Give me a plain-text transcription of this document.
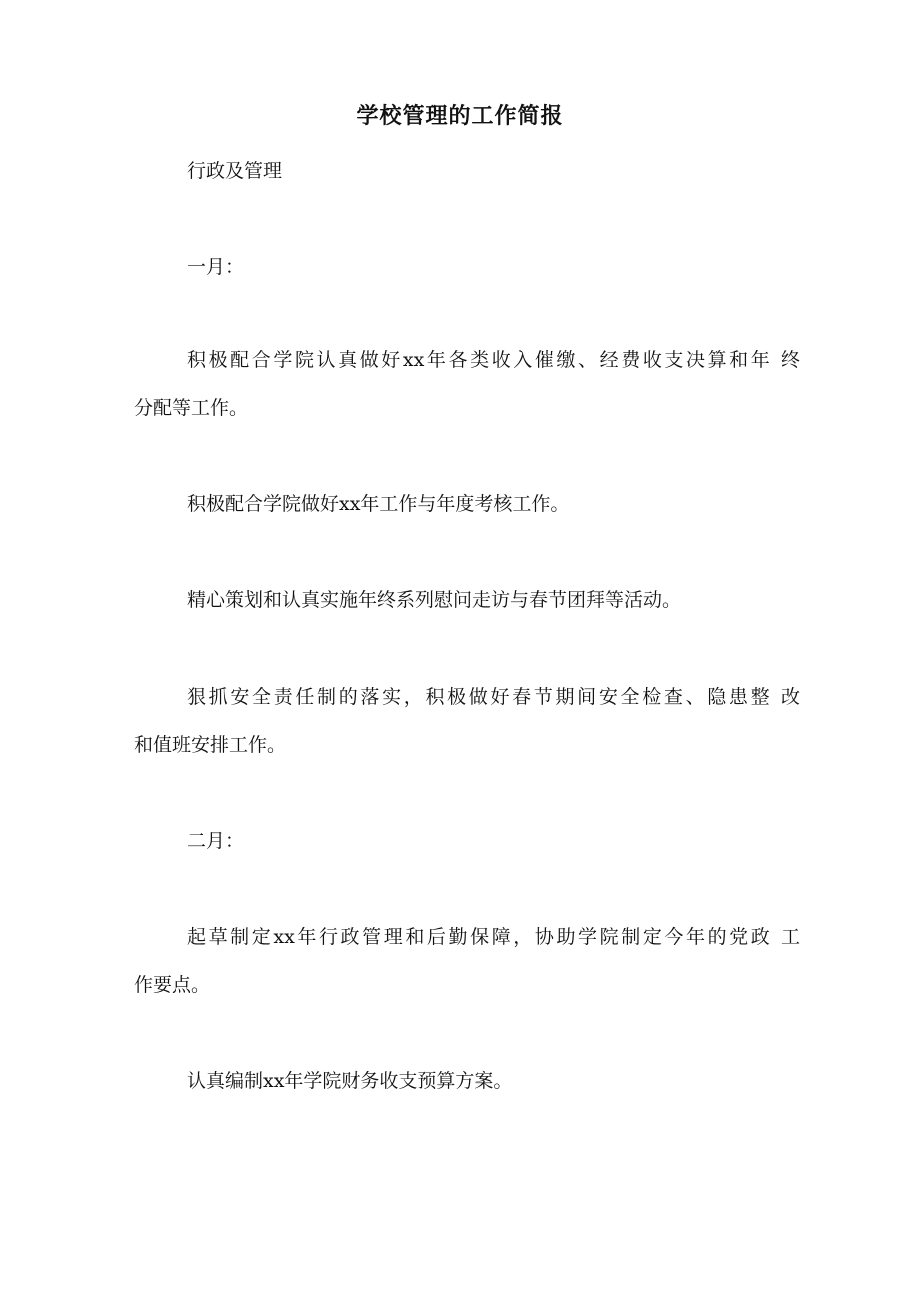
学校管理的工作简报
行政及管理
一月：
积极配合学院认真做好xx年各类收入催缴、经费收支决算和年 终
分配等工作。
积极配合学院做好xx年工作与年度考核工作。
精心策划和认真实施年终系列慰问走访与春节团拜等活动。
狠抓安全责任制的落实，积极做好春节期间安全检查、隐患整 改
和值班安排工作。
二月：
起草制定xx年行政管理和后勤保障，协助学院制定今年的党政 工
作要点。
认真编制xx年学院财务收支预算方案。
